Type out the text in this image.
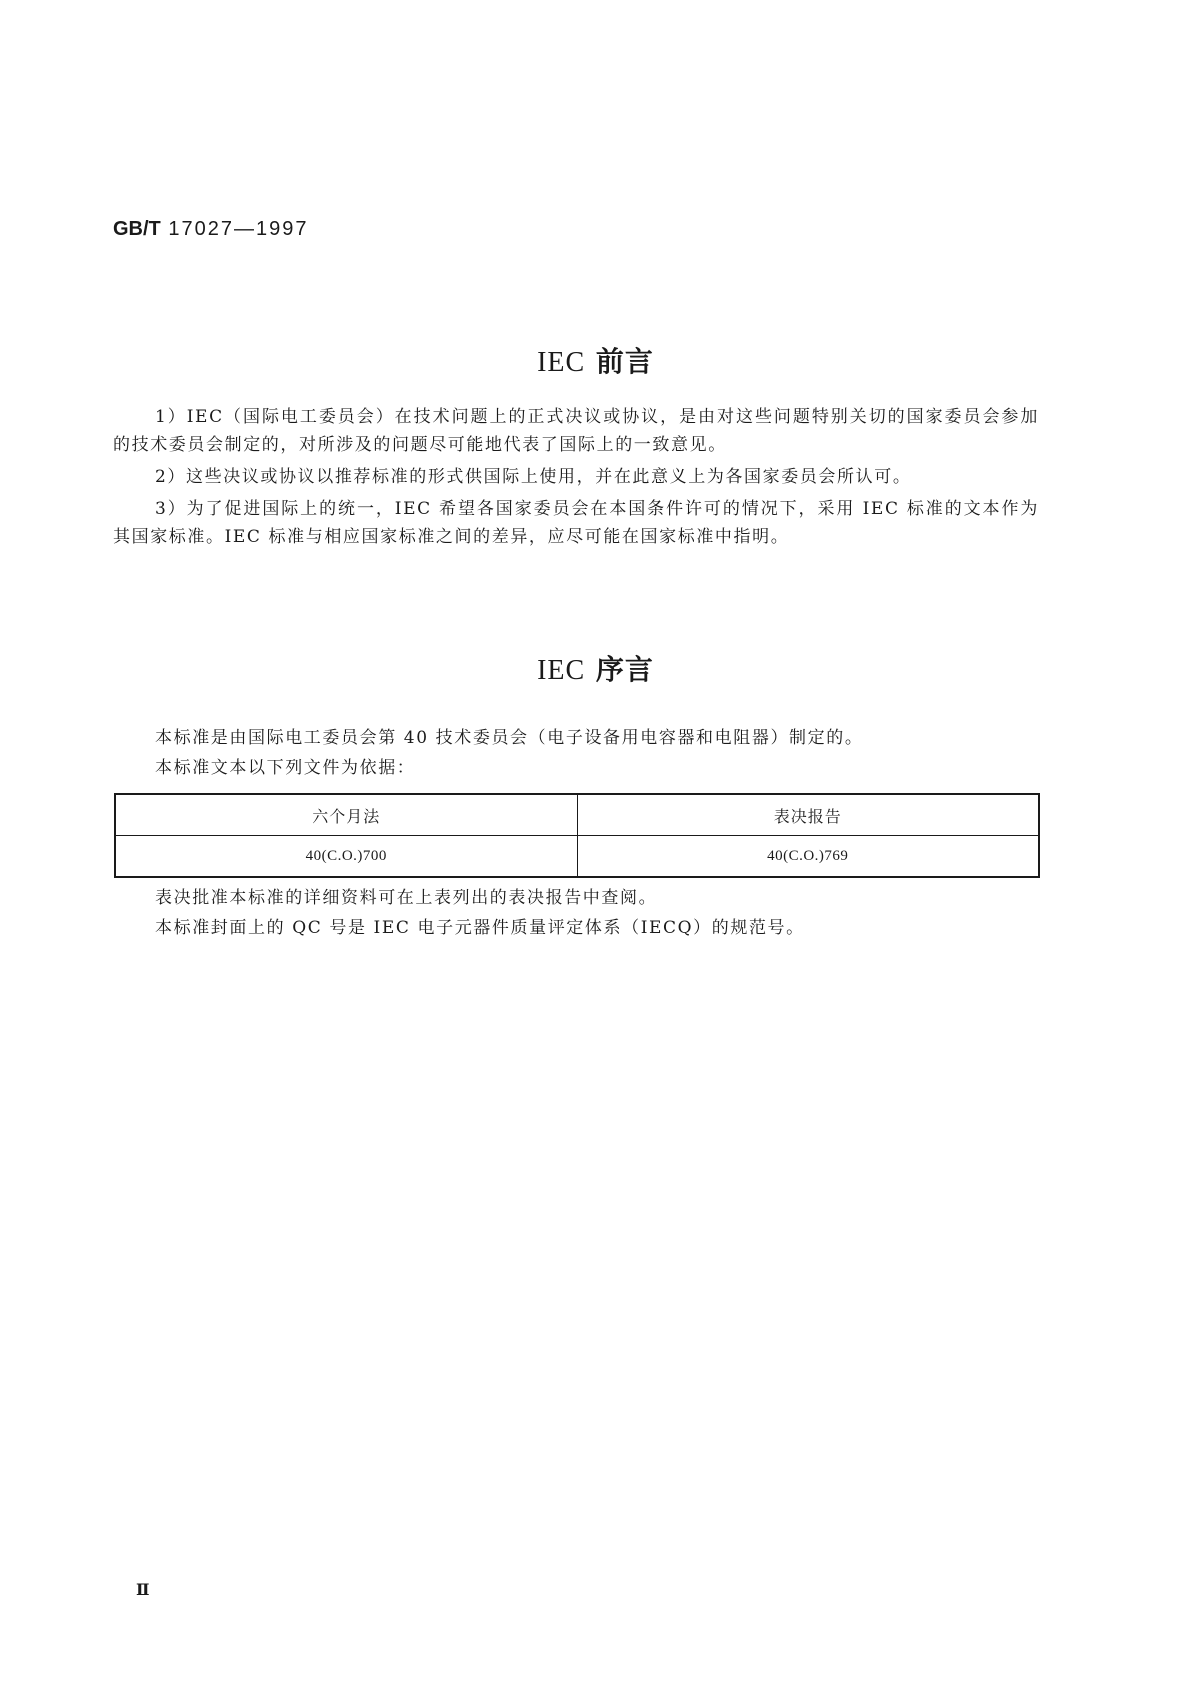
GB/T 17027—1997
IEC 前言
1）IEC（国际电工委员会）在技术问题上的正式决议或协议，是由对这些问题特别关切的国家委员会参加的技术委员会制定的，对所涉及的问题尽可能地代表了国际上的一致意见。
2）这些决议或协议以推荐标准的形式供国际上使用，并在此意义上为各国家委员会所认可。
3）为了促进国际上的统一，IEC 希望各国家委员会在本国条件许可的情况下，采用 IEC 标准的文本作为其国家标准。IEC 标准与相应国家标准之间的差异，应尽可能在国家标准中指明。
IEC 序言
本标准是由国际电工委员会第 40 技术委员会（电子设备用电容器和电阻器）制定的。
本标准文本以下列文件为依据：
六个月法	表决报告
40(C.O.)700	40(C.O.)769
表决批准本标准的详细资料可在上表列出的表决报告中查阅。
本标准封面上的 QC 号是 IEC 电子元器件质量评定体系（IECQ）的规范号。
Ⅱ
